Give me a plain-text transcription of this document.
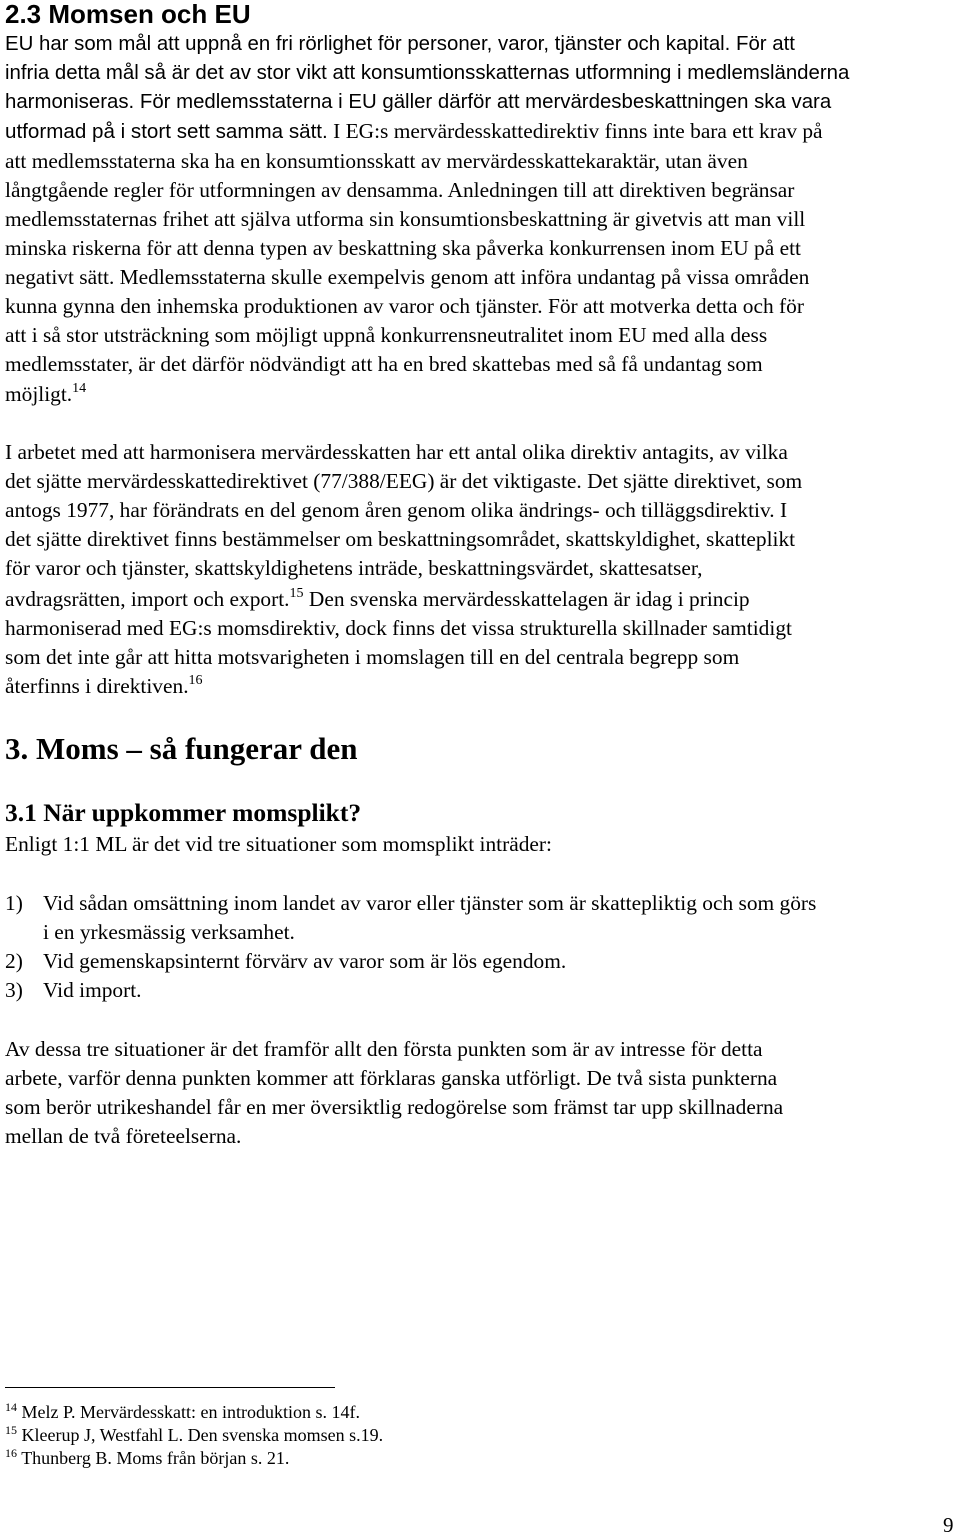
2.3 Momsen och EU

EU har som mål att uppnå en fri rörlighet för personer, varor, tjänster och kapital. För att

infria detta mål så är det av stor vikt att konsumtionsskatternas utformning i medlemsländerna

harmoniseras. För medlemsstaterna i EU gäller därför att mervärdesbeskattningen ska vara

utformad på i stort sett samma sätt. I EG:s mervärdesskattedirektiv finns inte bara ett krav på

att medlemsstaterna ska ha en konsumtionsskatt av mervärdesskattekaraktär, utan även

långtgående regler för utformningen av densamma. Anledningen till att direktiven begränsar

medlemsstaternas frihet att själva utforma sin konsumtionsbeskattning är givetvis att man vill

minska riskerna för att denna typen av beskattning ska påverka konkurrensen inom EU på ett

negativt sätt. Medlemsstaterna skulle exempelvis genom att införa undantag på vissa områden

kunna gynna den inhemska produktionen av varor och tjänster. För att motverka detta och för

att i så stor utsträckning som möjligt uppnå konkurrensneutralitet inom EU med alla dess

medlemsstater, är det därför nödvändigt att ha en bred skattebas med så få undantag som

möjligt.$^{14}$

I arbetet med att harmonisera mervärdesskatten har ett antal olika direktiv antagits, av vilka

det sjätte mervärdesskattedirektivet (77/388/EEG) är det viktigaste. Det sjätte direktivet, som

antogs 1977, har förändrats en del genom åren genom olika ändrings- och tilläggsdirektiv. I

det sjätte direktivet finns bestämmelser om beskattningsområdet, skattskyldighet, skatteplikt

för varor och tjänster, skattskyldighetens inträde, beskattningsvärdet, skattesatser,

avdragsrätten, import och export.$^{15}$ Den svenska mervärdesskattelagen är idag i princip

harmoniserad med EG:s momsdirektiv, dock finns det vissa strukturella skillnader samtidigt

som det inte går att hitta motsvarigheten i momslagen till en del centrala begrepp som

återfinns i direktiven.$^{16}$

3. Moms – så fungerar den
3.1 När uppkommer momsplikt?

Enligt 1:1 ML är det vid tre situationer som momsplikt inträder:

1) Vid sådan omsättning inom landet av varor eller tjänster som är skattepliktig och som görs
i en yrkesmässig verksamhet.
2) Vid gemenskapsinternt förvärv av varor som är lös egendom.
3) Vid import.

Av dessa tre situationer är det framför allt den första punkten som är av intresse för detta

arbete, varför denna punkten kommer att förklaras ganska utförligt. De två sista punkterna

som berör utrikeshandel får en mer översiktlig redogörelse som främst tar upp skillnaderna

mellan de två företeelserna.

$^{14}$ Melz P. Mervärdesskatt: en introduktion s. 14f.
$^{15}$ Kleerup J, Westfahl L. Den svenska momsen s.19.
$^{16}$ Thunberg B. Moms från början s. 21.
9
